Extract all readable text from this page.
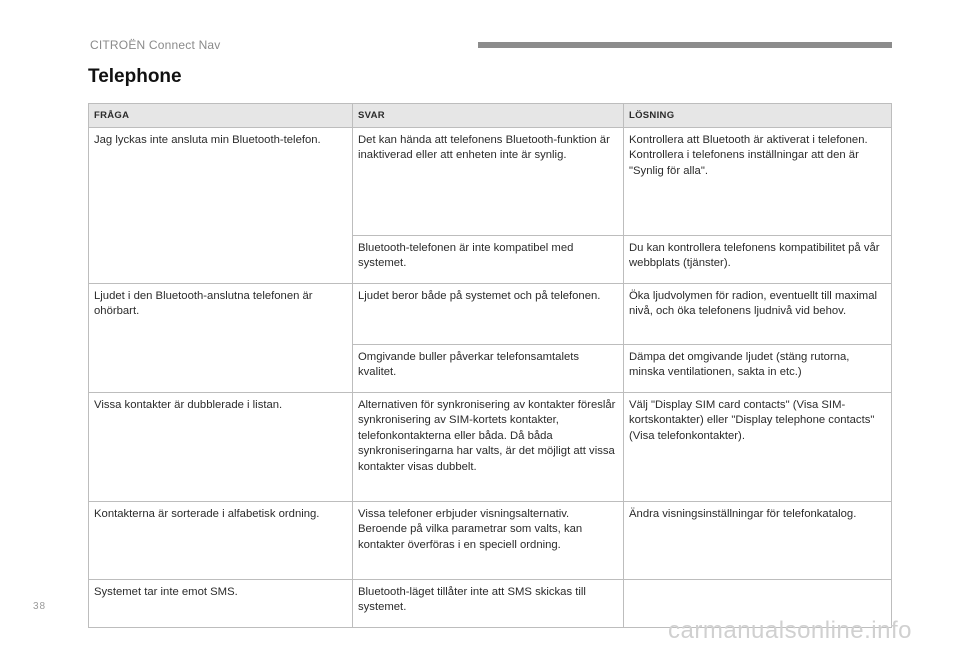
CITROËN Connect Nav
Telephone
FRÅGA	SVAR	LÖSNING
Jag lyckas inte ansluta min Bluetooth-telefon.	Det kan hända att telefonens Bluetooth-funktion är inaktiverad eller att enheten inte är synlig.	Kontrollera att Bluetooth är aktiverat i telefonen.
Kontrollera i telefonens inställningar att den är "Synlig för alla".

	Bluetooth-telefonen är inte kompatibel med systemet.	Du kan kontrollera telefonens kompatibilitet på vår webbplats (tjänster).

Ljudet i den Bluetooth-anslutna telefonen är ohörbart.	Ljudet beror både på systemet och på telefonen.	Öka ljudvolymen för radion, eventuellt till maximal nivå, och öka telefonens ljudnivå vid behov.

	Omgivande buller påverkar telefonsamtalets kvalitet.	Dämpa det omgivande ljudet (stäng rutorna, minska ventilationen, sakta in etc.)

Vissa kontakter är dubblerade i listan.	Alternativen för synkronisering av kontakter föreslår synkronisering av SIM-kortets kontakter, telefonkontakterna eller båda. Då båda synkroniseringarna har valts, är det möjligt att vissa kontakter visas dubbelt.	Välj "Display SIM card contacts" (Visa SIM-kortskontakter) eller "Display telephone contacts" (Visa telefonkontakter).

Kontakterna är sorterade i alfabetisk ordning.	Vissa telefoner erbjuder visningsalternativ. Beroende på vilka parametrar som valts, kan kontakter överföras i en speciell ordning.	Ändra visningsinställningar för telefonkatalog.

Systemet tar inte emot SMS.	Bluetooth-läget tillåter inte att SMS skickas till systemet.	
38
carmanualsonline.info
